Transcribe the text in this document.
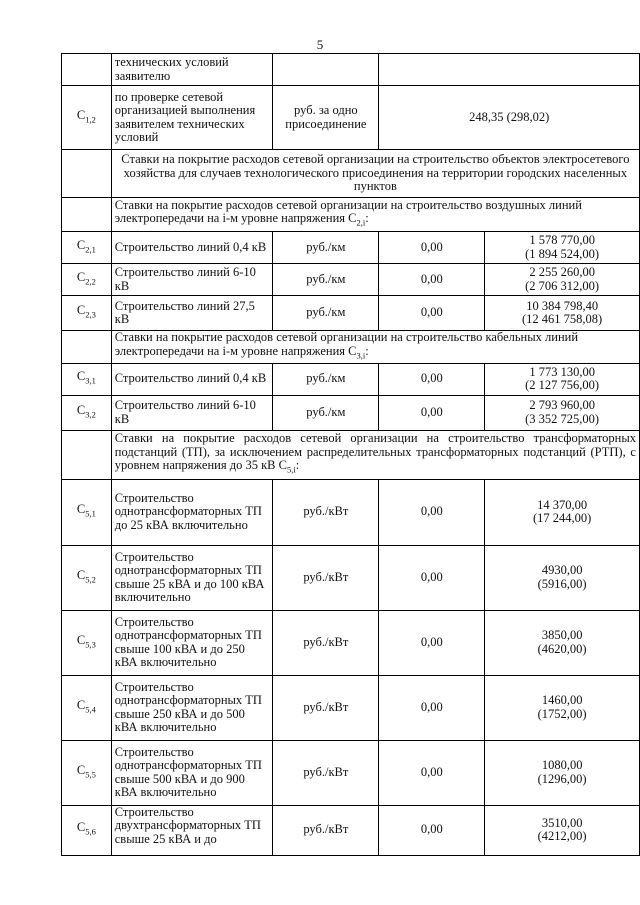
5
	технических условий заявителю			
$C_{1,2}$	по проверке сетевой организацией выполнения заявителем технических условий	руб. за одно присоединение	248,35 (298,02)	
	Ставки на покрытие расходов сетевой организации на строительство объектов электросетевого хозяйства для случаев технологического присоединения на территории городских населенных пунктов			
	Ставки на покрытие расходов сетевой организации на строительство воздушных линий электропередачи на i-м уровне напряжения $C_{2,i}$:			
$C_{2,1}$	Строительство линий 0,4 кВ	руб./км	0,00	1 578 770,00
(1 894 524,00)

$C_{2,2}$	Строительство линий 6-10 кВ	руб./км	0,00	2 255 260,00
(2 706 312,00)

$C_{2,3}$	Строительство линий 27,5 кВ	руб./км	0,00	10 384 798,40
(12 461 758,08)

	Ставки на покрытие расходов сетевой организации на строительство кабельных линий электропередачи на i-м уровне напряжения $C_{3,i}$:			
$C_{3,1}$	Строительство линий 0,4 кВ	руб./км	0,00	1 773 130,00
(2 127 756,00)

$C_{3,2}$	Строительство линий 6-10 кВ	руб./км	0,00	2 793 960,00
(3 352 725,00)

	Ставки на покрытие расходов сетевой организации на строительство трансформаторных подстанций (ТП), за исключением распределительных трансформаторных подстанций (РТП), с уровнем напряжения до 35 кВ $C_{5,i}$:			
$C_{5,1}$	Строительство однотрансформаторных ТП до 25 кВА включительно	руб./кВт	0,00	14 370,00
(17 244,00)

$C_{5,2}$	Строительство однотрансформаторных ТП свыше 25 кВА и до 100 кВА включительно	руб./кВт	0,00	4930,00
(5916,00)

$C_{5,3}$	Строительство однотрансформаторных ТП свыше 100 кВА и до 250 кВА включительно	руб./кВт	0,00	3850,00
(4620,00)

$C_{5,4}$	Строительство однотрансформаторных ТП свыше 250 кВА и до 500 кВА включительно	руб./кВт	0,00	1460,00
(1752,00)

$C_{5,5}$	Строительство однотрансформаторных ТП свыше 500 кВА и до 900 кВА включительно	руб./кВт	0,00	1080,00
(1296,00)

$C_{5,6}$	Строительство двухтрансформаторных ТП свыше 25 кВА и до	руб./кВт	0,00	3510,00
(4212,00)
